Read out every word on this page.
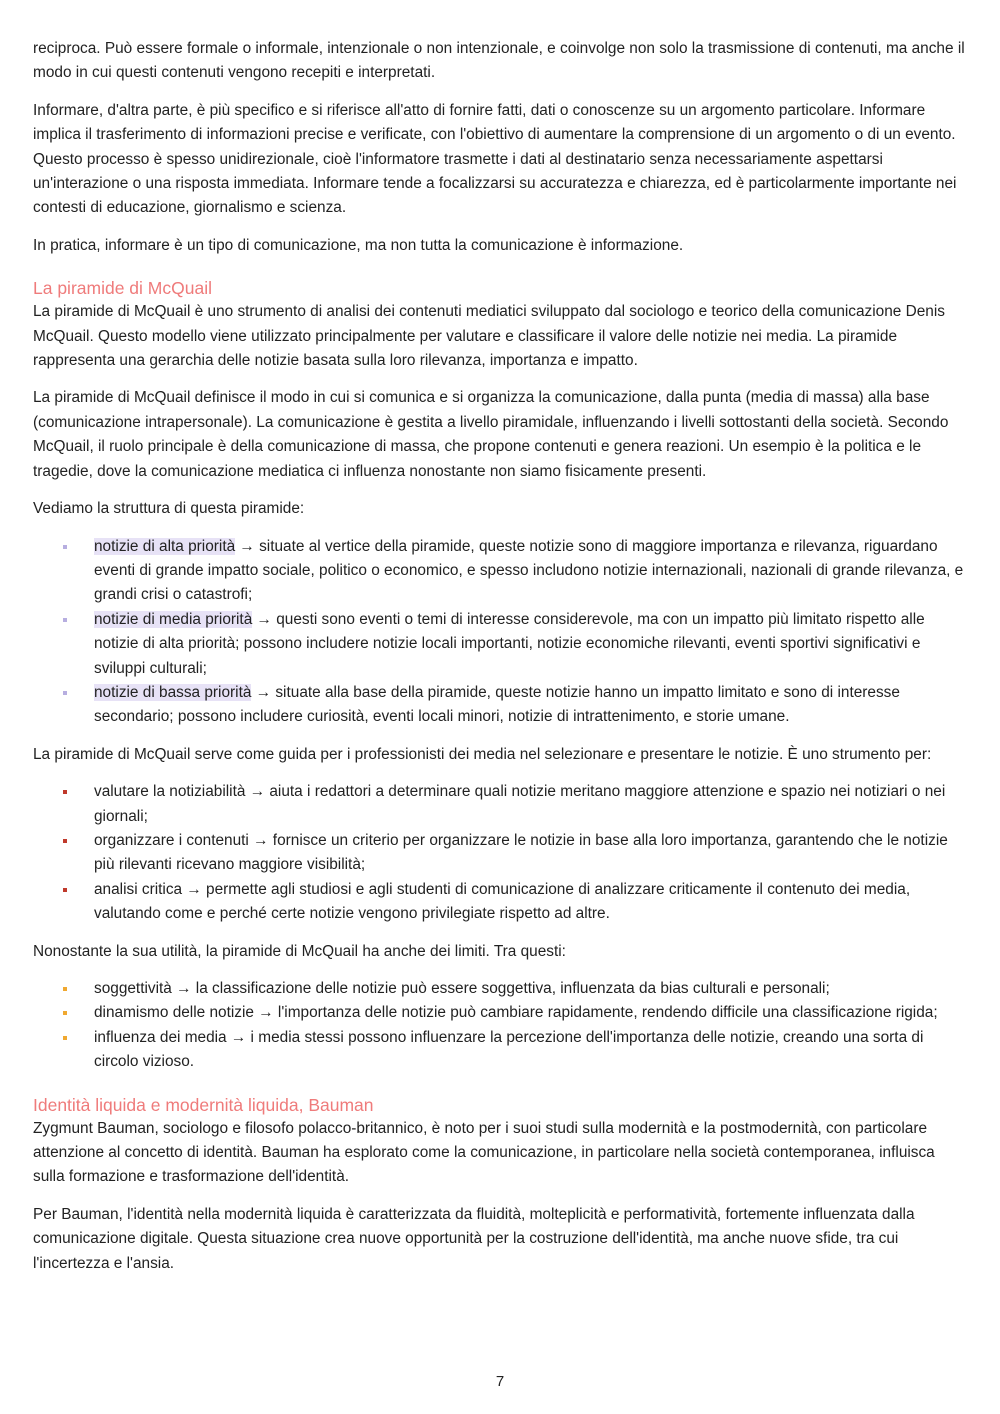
reciproca. Può essere formale o informale, intenzionale o non intenzionale, e coinvolge non solo la trasmissione di contenuti, ma anche il modo in cui questi contenuti vengono recepiti e interpretati.

Informare, d'altra parte, è più specifico e si riferisce all'atto di fornire fatti, dati o conoscenze su un argomento particolare. Informare implica il trasferimento di informazioni precise e verificate, con l'obiettivo di aumentare la comprensione di un argomento o di un evento. Questo processo è spesso unidirezionale, cioè l'informatore trasmette i dati al destinatario senza necessariamente aspettarsi un'interazione o una risposta immediata. Informare tende a focalizzarsi su accuratezza e chiarezza, ed è particolarmente importante nei contesti di educazione, giornalismo e scienza.

In pratica, informare è un tipo di comunicazione, ma non tutta la comunicazione è informazione.

La piramide di McQuail

La piramide di McQuail è uno strumento di analisi dei contenuti mediatici sviluppato dal sociologo e teorico della comunicazione Denis McQuail. Questo modello viene utilizzato principalmente per valutare e classificare il valore delle notizie nei media. La piramide rappresenta una gerarchia delle notizie basata sulla loro rilevanza, importanza e impatto.

La piramide di McQuail definisce il modo in cui si comunica e si organizza la comunicazione, dalla punta (media di massa) alla base (comunicazione intrapersonale). La comunicazione è gestita a livello piramidale, influenzando i livelli sottostanti della società. Secondo McQuail, il ruolo principale è della comunicazione di massa, che propone contenuti e genera reazioni. Un esempio è la politica e le tragedie, dove la comunicazione mediatica ci influenza nonostante non siamo fisicamente presenti.

Vediamo la struttura di questa piramide:

notizie di alta priorità → situate al vertice della piramide, queste notizie sono di maggiore importanza e rilevanza, riguardano eventi di grande impatto sociale, politico o economico, e spesso includono notizie internazionali, nazionali di grande rilevanza, e grandi crisi o catastrofi;
notizie di media priorità → questi sono eventi o temi di interesse considerevole, ma con un impatto più limitato rispetto alle notizie di alta priorità; possono includere notizie locali importanti, notizie economiche rilevanti, eventi sportivi significativi e sviluppi culturali;
notizie di bassa priorità → situate alla base della piramide, queste notizie hanno un impatto limitato e sono di interesse secondario; possono includere curiosità, eventi locali minori, notizie di intrattenimento, e storie umane.

La piramide di McQuail serve come guida per i professionisti dei media nel selezionare e presentare le notizie. È uno strumento per:

valutare la notiziabilità → aiuta i redattori a determinare quali notizie meritano maggiore attenzione e spazio nei notiziari o nei giornali;
organizzare i contenuti → fornisce un criterio per organizzare le notizie in base alla loro importanza, garantendo che le notizie più rilevanti ricevano maggiore visibilità;
analisi critica → permette agli studiosi e agli studenti di comunicazione di analizzare criticamente il contenuto dei media, valutando come e perché certe notizie vengono privilegiate rispetto ad altre.

Nonostante la sua utilità, la piramide di McQuail ha anche dei limiti. Tra questi:

soggettività → la classificazione delle notizie può essere soggettiva, influenzata da bias culturali e personali;
dinamismo delle notizie → l'importanza delle notizie può cambiare rapidamente, rendendo difficile una classificazione rigida;
influenza dei media → i media stessi possono influenzare la percezione dell'importanza delle notizie, creando una sorta di circolo vizioso.
Identità liquida e modernità liquida, Bauman

Zygmunt Bauman, sociologo e filosofo polacco-britannico, è noto per i suoi studi sulla modernità e la postmodernità, con particolare attenzione al concetto di identità. Bauman ha esplorato come la comunicazione, in particolare nella società contemporanea, influisca sulla formazione e trasformazione dell'identità.

Per Bauman, l'identità nella modernità liquida è caratterizzata da fluidità, molteplicità e performatività, fortemente influenzata dalla comunicazione digitale. Questa situazione crea nuove opportunità per la costruzione dell'identità, ma anche nuove sfide, tra cui l'incertezza e l'ansia.

7
